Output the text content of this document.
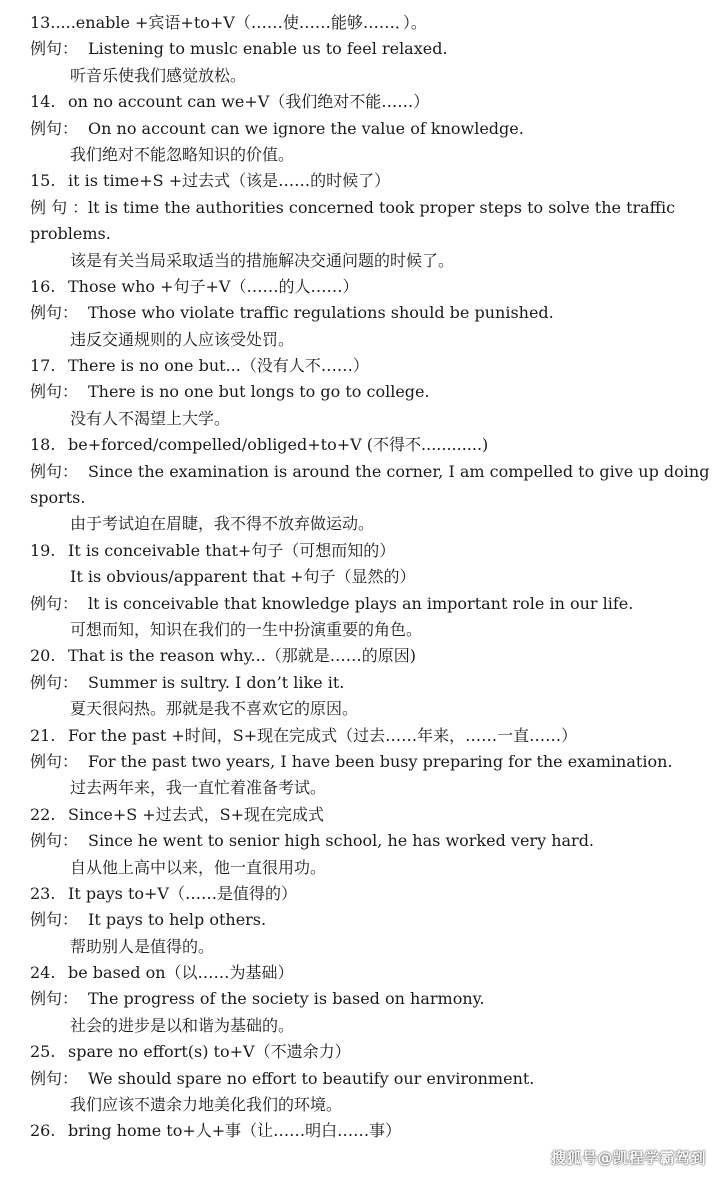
13.....enable +宾语+to+V（……使……能够……．）。
例句： Listening to muslc enable us to feel relaxed.
听音乐使我们感觉放松。
14. on no account can we+V（我们绝对不能……）
例句： On no account can we ignore the value of knowledge.
我们绝对不能忽略知识的价值。
15. it is time+S +过去式（该是……的时候了）
例 句 ：lt is time the authorities concerned took proper steps to solve the traffic
problems.
该是有关当局采取适当的措施解决交通问题的时候了。
16. Those who +句子+V（……的人……）
例句： Those who violate traffic regulations should be punished.
违反交通规则的人应该受处罚。
17. There is no one but...（没有人不……）
例句： There is no one but longs to go to college.
没有人不渴望上大学。
18. be+forced/compelled/obliged+to+V (不得不............)
例句： Since the examination is around the corner, I am compelled to give up doing
sports.
由于考试迫在眉睫，我不得不放弃做运动。
19. It is conceivable that+句子（可想而知的）
It is obvious/apparent that +句子（显然的）
例句： lt is conceivable that knowledge plays an important role in our life.
可想而知，知识在我们的一生中扮演重要的角色。
20. That is the reason why...（那就是……的原因)
例句： Summer is sultry. I don’t like it.
夏天很闷热。那就是我不喜欢它的原因。
21. For the past +时间，S+现在完成式（过去……年来，……一直……）
例句： For the past two years, I have been busy preparing for the examination.
过去两年来，我一直忙着准备考试。
22. Since+S +过去式，S+现在完成式
例句： Since he went to senior high school, he has worked very hard.
自从他上高中以来，他一直很用功。
23. It pays to+V（……是值得的）
例句： It pays to help others.
帮助别人是值得的。
24. be based on（以……为基础）
例句： The progress of the society is based on harmony.
社会的进步是以和谐为基础的。
25. spare no effort(s) to+V（不遗余力）
例句： We should spare no effort to beautify our environment.
我们应该不遗余力地美化我们的环境。
26. bring home to+人+事（让……明白……事）
搜狐号@凯程学霸驾到
